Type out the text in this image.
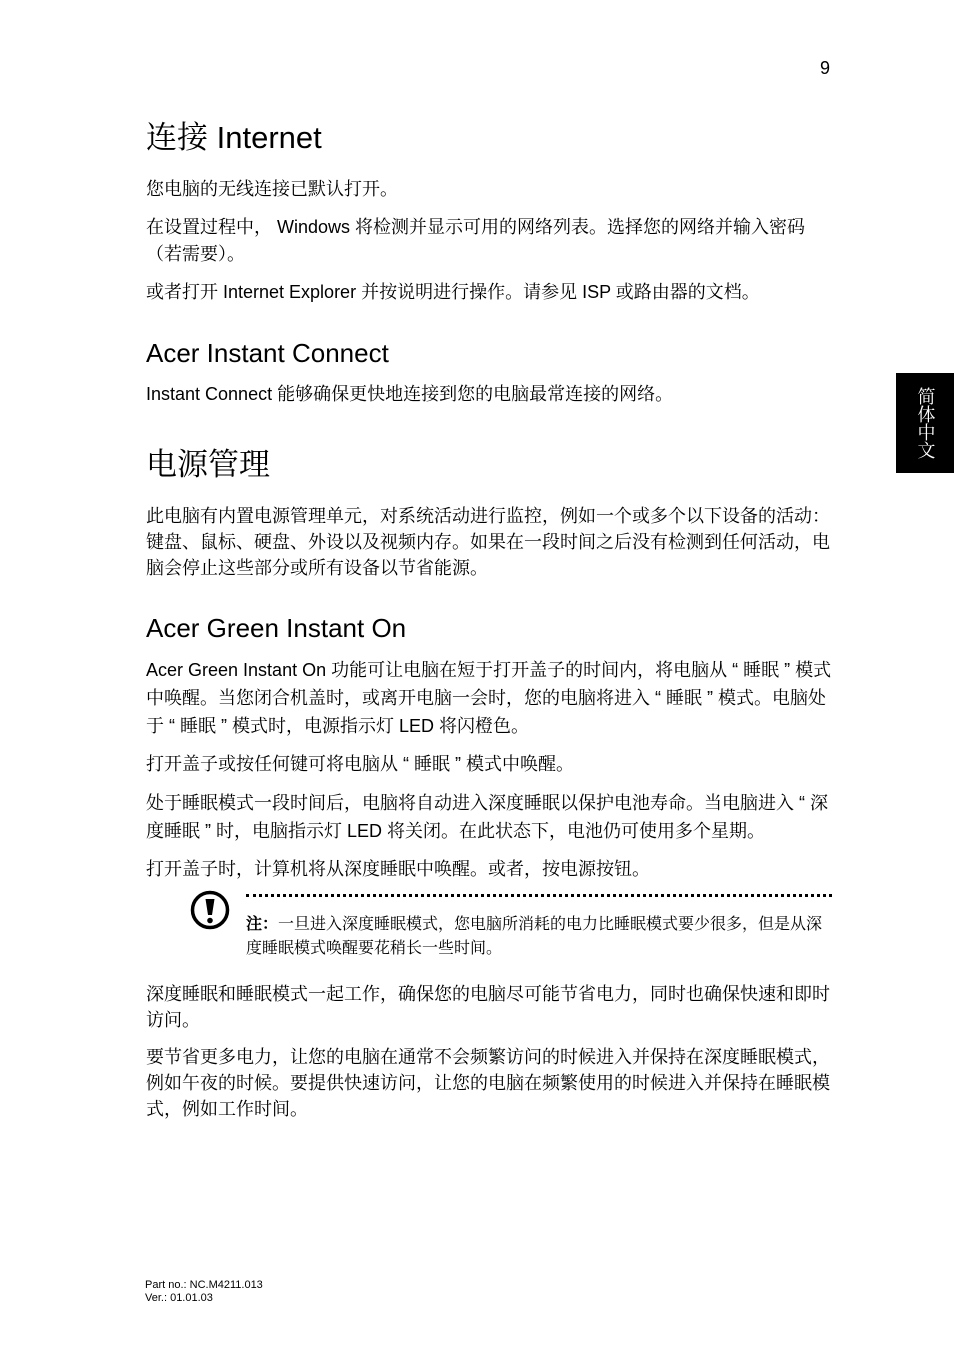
9
简体中文
连接 Internet

您电脑的无线连接已默认打开。

在设置过程中， Windows 将检测并显示可用的网络列表。选择您的网络并输入密码 （若需要）。

或者打开 Internet Explorer 并按说明进行操作。请参见 ISP 或路由器的文档。

Acer Instant Connect

Instant Connect 能够确保更快地连接到您的电脑最常连接的网络。

电源管理

此电脑有内置电源管理单元，对系统活动进行监控，例如一个或多个以下设备的活动：键盘、鼠标、硬盘、外设以及视频内存。如果在一段时间之后没有检测到任何活动，电脑会停止这些部分或所有设备以节省能源。

Acer Green Instant On

Acer Green Instant On 功能可让电脑在短于打开盖子的时间内，将电脑从 “ 睡眠 ” 模式中唤醒。当您闭合机盖时，或离开电脑一会时，您的电脑将进入 “ 睡眠 ” 模式。电脑处于 “ 睡眠 ” 模式时，电源指示灯 LED 将闪橙色。

打开盖子或按任何键可将电脑从 “ 睡眠 ” 模式中唤醒。

处于睡眠模式一段时间后，电脑将自动进入深度睡眠以保护电池寿命。当电脑进入 “ 深度睡眠 ” 时，电脑指示灯 LED 将关闭。在此状态下，电池仍可使用多个星期。

打开盖子时，计算机将从深度睡眠中唤醒。或者，按电源按钮。

注：一旦进入深度睡眠模式，您电脑所消耗的电力比睡眠模式要少很多，但是从深度睡眠模式唤醒要花稍长一些时间。

深度睡眠和睡眠模式一起工作，确保您的电脑尽可能节省电力，同时也确保快速和即时访问。

要节省更多电力，让您的电脑在通常不会频繁访问的时候进入并保持在深度睡眠模式，例如午夜的时候。要提供快速访问，让您的电脑在频繁使用的时候进入并保持在睡眠模式，例如工作时间。

Part no.: NC.M4211.013
Ver.: 01.01.03
